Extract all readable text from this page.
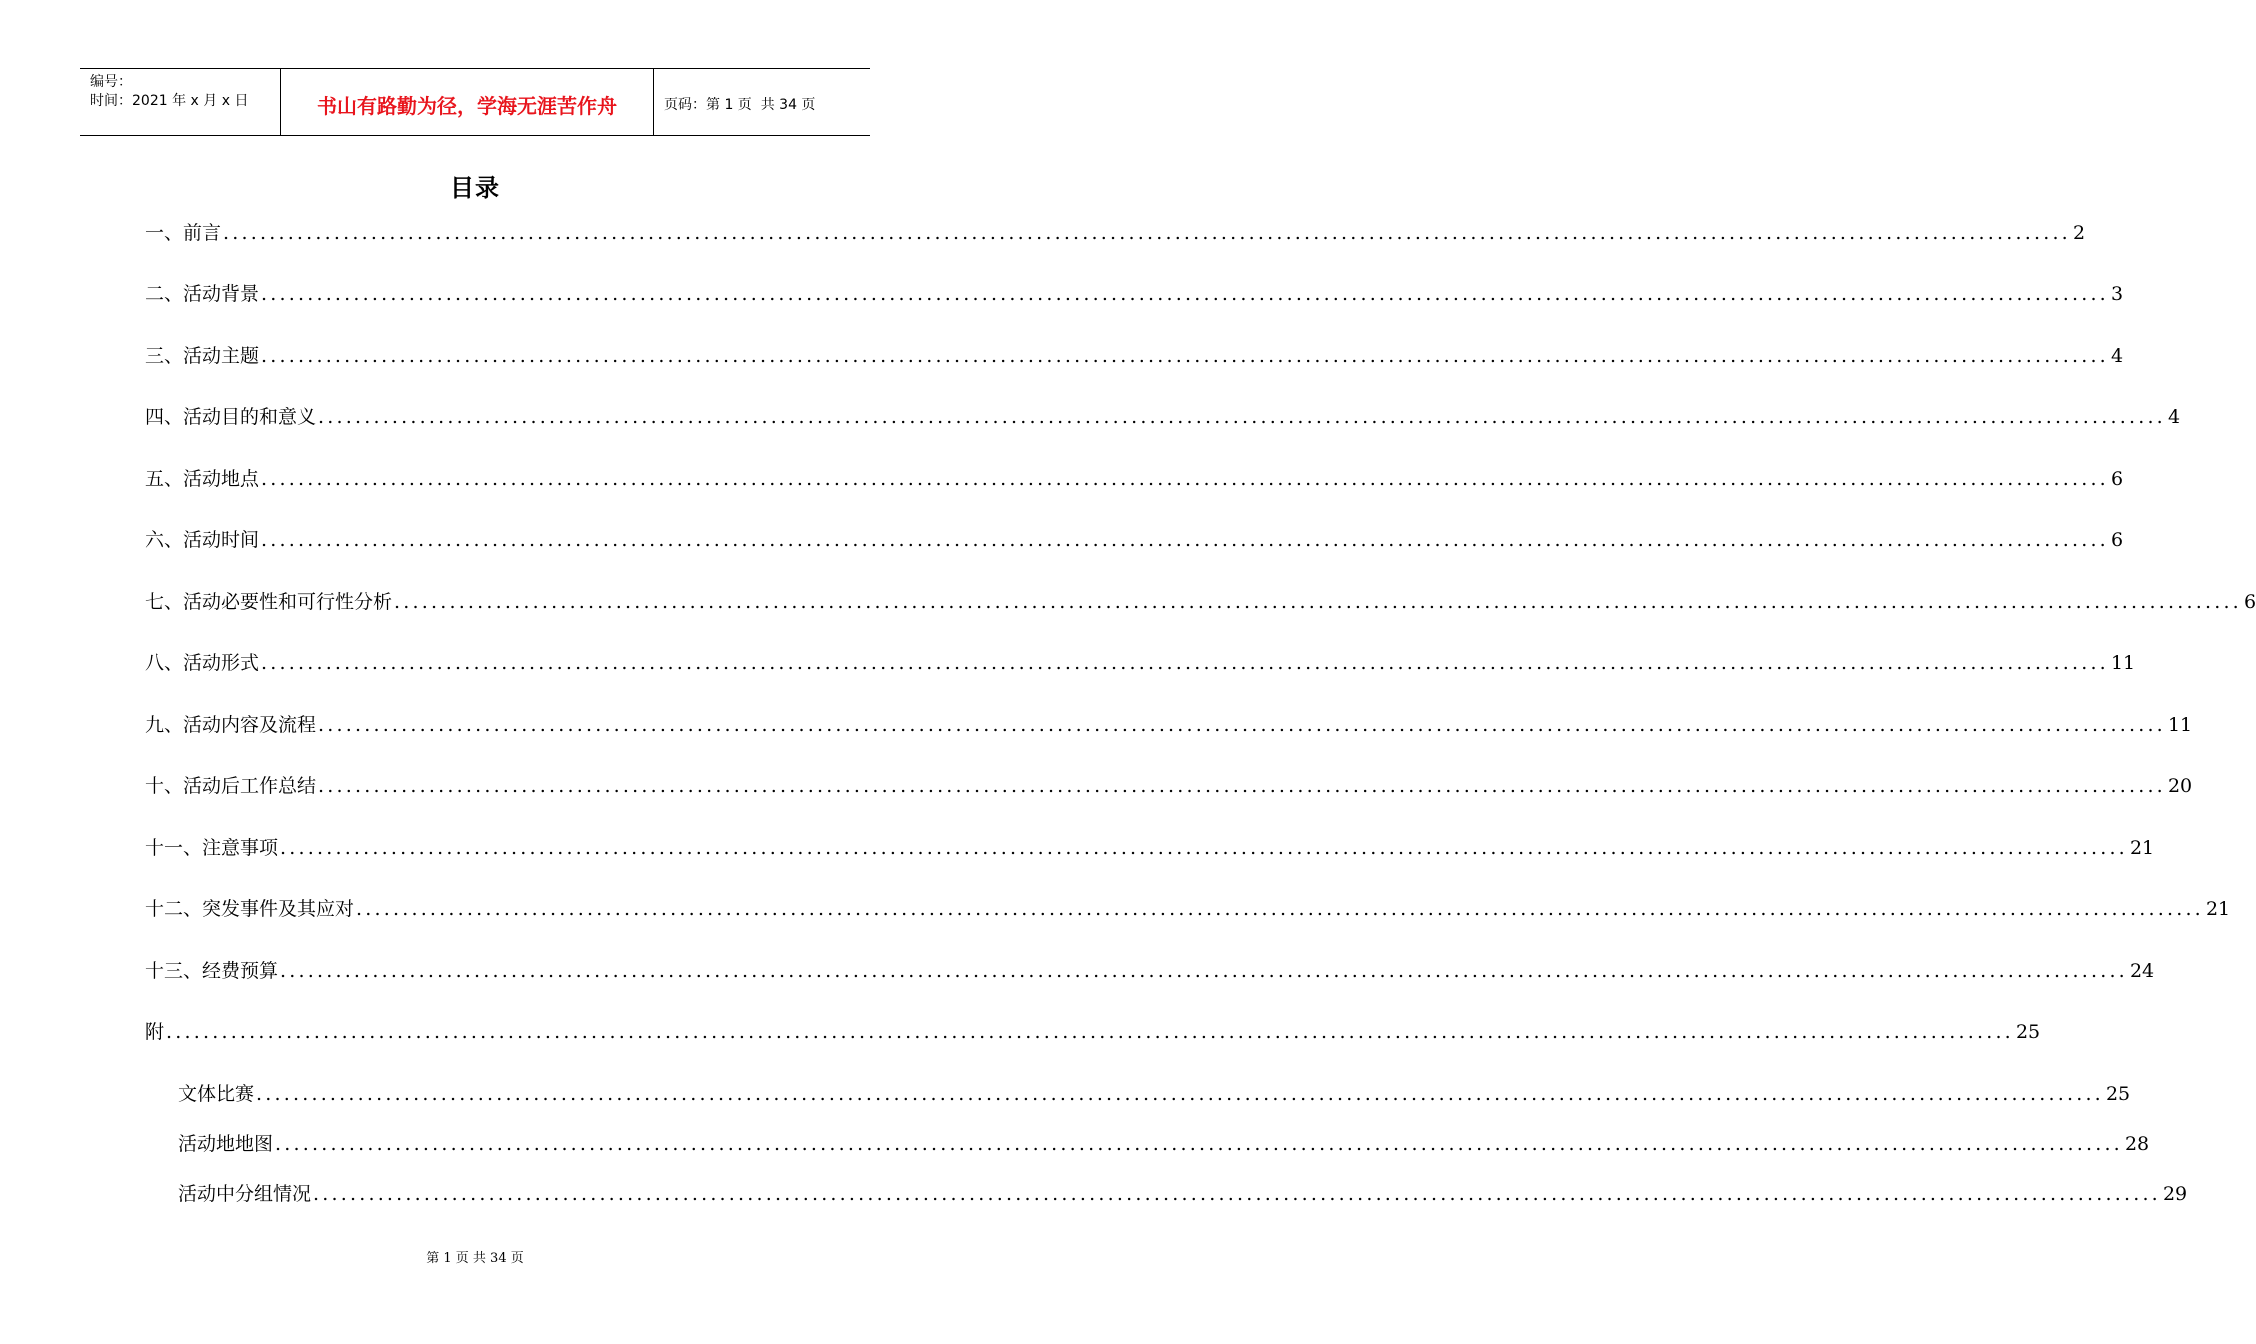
编号：
时间：2021 年 x 月 x 日	书山有路勤为径，学海无涯苦作舟	页码：第 1 页  共 34 页
目录
一、前言 ........................................................................................................................................................................................................ 2
二、活动背景 ........................................................................................................................................................................................................ 3
三、活动主题 ........................................................................................................................................................................................................ 4
四、活动目的和意义 ........................................................................................................................................................................................................ 4
五、活动地点 ........................................................................................................................................................................................................ 6
六、活动时间 ........................................................................................................................................................................................................ 6
七、活动必要性和可行性分析 ........................................................................................................................................................................................................ 6
八、活动形式 ........................................................................................................................................................................................................ 11
九、活动内容及流程 ........................................................................................................................................................................................................ 11
十、活动后工作总结 ........................................................................................................................................................................................................ 20
十一、注意事项 ........................................................................................................................................................................................................ 21
十二、突发事件及其应对 ........................................................................................................................................................................................................ 21
十三、经费预算 ........................................................................................................................................................................................................ 24
附 ........................................................................................................................................................................................................ 25
文体比赛 ........................................................................................................................................................................................................ 25
活动地地图 ........................................................................................................................................................................................................ 28
活动中分组情况 ........................................................................................................................................................................................................ 29
第 1 页 共 34 页
